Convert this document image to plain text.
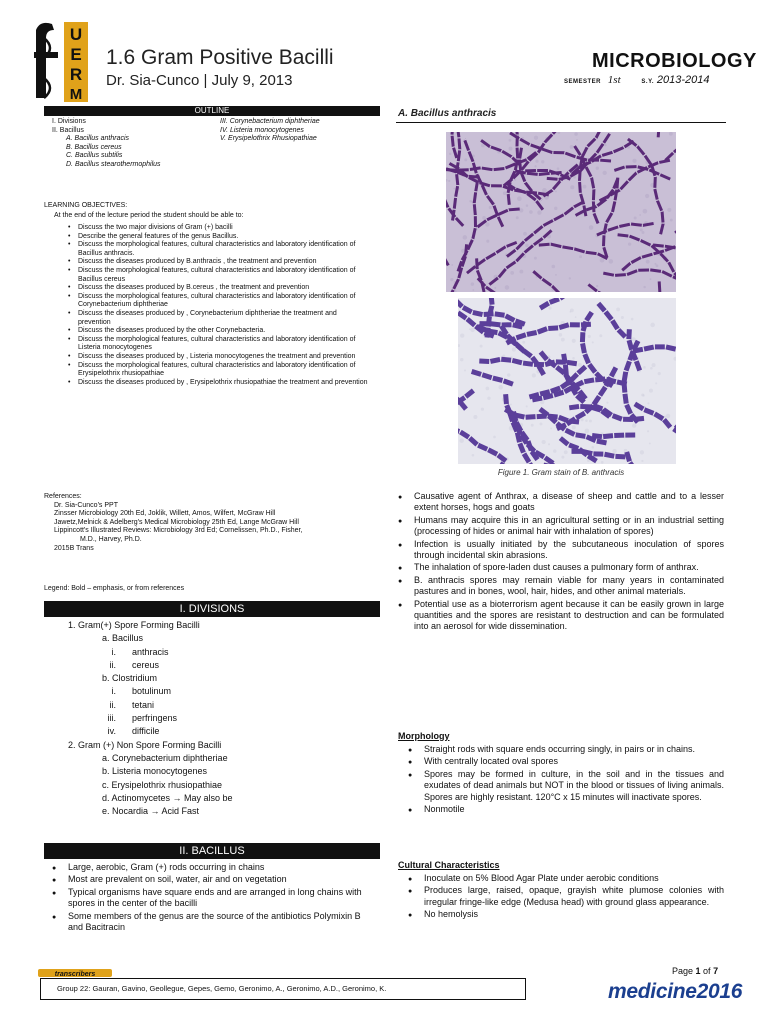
U
E
R
M
1.6 Gram Positive Bacilli
Dr. Sia-Cunco | July 9, 2013
MICROBIOLOGY
SEMESTER 1st	S.Y. 2013-2014
OUTLINE
I. Divisions
II. Bacillus
A. Bacillus anthracis
B. Bacillus cereus
C. Bacillus subtilis
D. Bacillus stearothermophilus
III. Corynebacterium diphtheriae
IV. Listeria monocytogenes
V. Erysipelothrix Rhusiopathiae
LEARNING OBJECTIVES:
At the end of the lecture period the student should be able to:
• Discuss the two major divisions of Gram (+) bacilli
• Describe the general features of the genus Bacillus.
• Discuss the morphological features, cultural characteristics and laboratory identification of Bacillus anthracis.
• Discuss the diseases produced by B.anthracis , the treatment and prevention
• Discuss the morphological features, cultural characteristics and laboratory identification of Bacillus cereus
• Discuss the diseases produced by B.cereus , the treatment and prevention
• Discuss the morphological features, cultural characteristics and laboratory identification of Corynebacterium diphtheriae
• Discuss the diseases produced by , Corynebacterium diphtheriae the treatment and prevention
• Discuss the diseases produced by the other Corynebacteria.
• Discuss the morphological features, cultural characteristics and laboratory identification of Listeria monocytogenes
• Discuss the diseases produced by , Listeria monocytogenes the treatment and prevention
• Discuss the morphological features, cultural characteristics and laboratory identification of Erysipelothrix rhusiopathiae
• Discuss the diseases produced by , Erysipelothrix rhusiopathiae the treatment and prevention
References:
Dr. Sia-Cunco's PPT
Zinsser Microbiology 20th Ed, Joklik, Willett, Amos, Wilfert, McGraw Hill
Jawetz,Melnick & Adelberg's Medical Microbiology 25th Ed, Lange McGraw Hill
Lippincott's Illustrated Reviews: Microbiology 3rd Ed; Cornelissen, Ph.D., Fisher,
M.D., Harvey, Ph.D.
2015B Trans
Legend: Bold – emphasis, or from references
I. DIVISIONS
1. Gram(+) Spore Forming Bacilli
a. Bacillus
i. anthracis
ii. cereus
b. Clostridium
i. botulinum
ii. tetani
iii. perfringens
iv. difficile
2. Gram (+) Non Spore Forming Bacilli
a. Corynebacterium diphtheriae
b. Listeria monocytogenes
c. Erysipelothrix rhusiopathiae
d. Actinomycetes → May also be
e. Nocardia → Acid Fast
II. BACILLUS
● Large, aerobic, Gram (+) rods occurring in chains
● Most are prevalent on soil, water, air and on vegetation
● Typical organisms have square ends and are arranged in long chains with spores in the center of the bacilli
● Some members of the genus are the source of the antibiotics Polymixin B and Bacitracin
A. Bacillus anthracis
Figure 1. Gram stain of B. anthracis
● Causative agent of Anthrax, a disease of sheep and cattle and to a lesser extent horses, hogs and goats
● Humans may acquire this in an agricultural setting or in an industrial setting (processing of hides or animal hair with inhalation of spores)
● Infection is usually initiated by the subcutaneous inoculation of spores through incidental skin abrasions.
● The inhalation of spore-laden dust causes a pulmonary form of anthrax.
● B. anthracis spores may remain viable for many years in contaminated pastures and in bones, wool, hair, hides, and other animal materials.
● Potential use as a bioterrorism agent because it can be easily grown in large quantities and the spores are resistant to destruction and can be formulated into an aerosol for wide dissemination.
Morphology
● Straight rods with square ends occurring singly, in pairs or in chains.
● With centrally located oval spores
● Spores may be formed in culture, in the soil and in the tissues and exudates of dead animals but NOT in the blood or tissues of living animals. Spores are highly resistant. 120°C x 15 minutes will inactivate spores.
● Nonmotile
Cultural Characteristics
● Inoculate on 5% Blood Agar Plate under aerobic conditions
● Produces large, raised, opaque, grayish white plumose colonies with irregular fringe-like edge (Medusa head) with ground glass appearance.
● No hemolysis
transcribers	Page 1 of 7
Group 22: Gauran, Gavino, Geollegue, Gepes, Gemo, Geronimo, A., Geronimo, A.D., Geronimo, K.	medicine2016
